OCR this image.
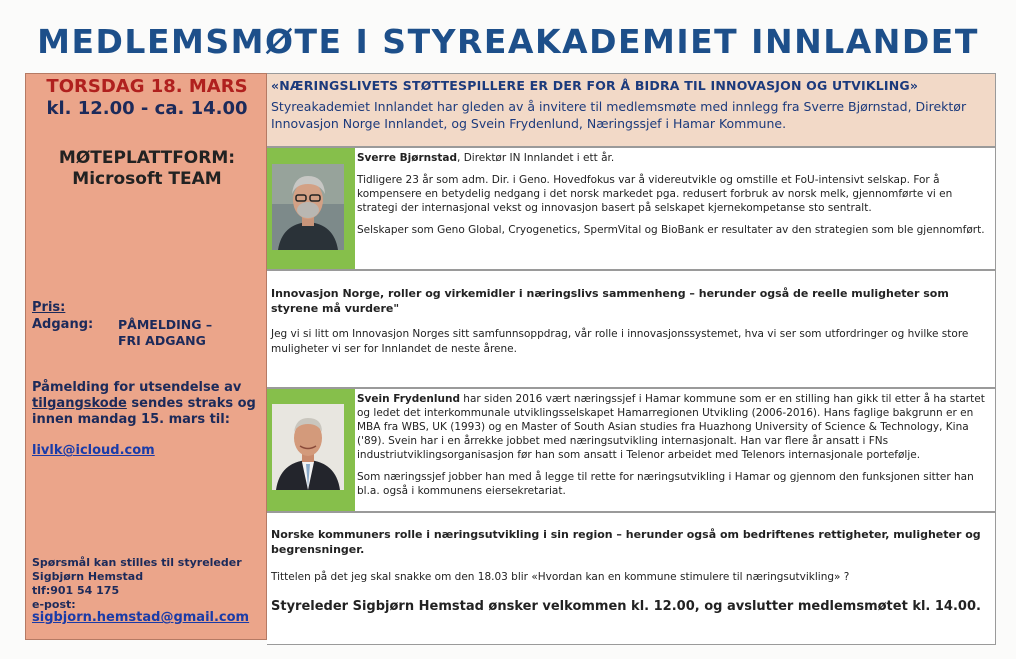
MEDLEMSMØTE I STYREAKADEMIET INNLANDET
TORSDAG 18. MARS
kl. 12.00 - ca. 14.00
MØTEPLATTFORM:
Microsoft TEAM
Pris:
Adgang: PÅMELDING –
FRI ADGANG
Påmelding for utsendelse av
tilgangskode sendes straks og innen mandag 15. mars til:
livlk@icloud.com
Spørsmål kan stilles til styreleder Sigbjørn Hemstad
tlf:901 54 175
e-post:
sigbjorn.hemstad@gmail.com
«NÆRINGSLIVETS STØTTESPILLERE ER DER FOR Å BIDRA TIL INNOVASJON OG UTVIKLING»
Styreakademiet Innlandet har gleden av å invitere til medlemsmøte med innlegg fra Sverre Bjørnstad, Direktør Innovasjon Norge Innlandet, og Svein Frydenlund, Næringssjef i Hamar Kommune.

Sverre Bjørnstad, Direktør IN Innlandet i ett år.

Tidligere 23 år som adm. Dir. i Geno. Hovedfokus var å videreutvikle og omstille et FoU-intensivt selskap. For å kompensere en betydelig nedgang i det norsk markedet pga. redusert forbruk av norsk melk, gjennomførte vi en strategi der internasjonal vekst og innovasjon basert på selskapet kjernekompetanse sto sentralt.

Selskaper som Geno Global, Cryogenetics, SpermVital og BioBank er resultater av den strategien som ble gjennomført.

Innovasjon Norge, roller og virkemidler i næringslivs sammenheng – herunder også de reelle muligheter som styrene må vurdere"
Jeg vi si litt om Innovasjon Norges sitt samfunnsoppdrag, vår rolle i innovasjonssystemet, hva vi ser som utfordringer og hvilke store muligheter vi ser for Innlandet de neste årene.

Svein Frydenlund har siden 2016 vært næringssjef i Hamar kommune som er en stilling han gikk til etter å ha startet og ledet det interkommunale utviklingsselskapet Hamarregionen Utvikling (2006-2016). Hans faglige bakgrunn er en MBA fra WBS, UK (1993) og en Master of South Asian studies fra Huazhong University of Science & Technology, Kina ('89). Svein har i en årrekke jobbet med næringsutvikling internasjonalt. Han var flere år ansatt i FNs industriutviklingsorganisasjon før han som ansatt i Telenor arbeidet med Telenors internasjonale portefølje.

Som næringssjef jobber han med å legge til rette for næringsutvikling i Hamar og gjennom den funksjonen sitter han bl.a. også i kommunens eiersekretariat.

Norske kommuners rolle i næringsutvikling i sin region – herunder også om bedriftenes rettigheter, muligheter og begrensninger.
Tittelen på det jeg skal snakke om den 18.03 blir «Hvordan kan en kommune stimulere til næringsutvikling» ?
Styreleder Sigbjørn Hemstad ønsker velkommen kl. 12.00, og avslutter medlemsmøtet kl. 14.00.
